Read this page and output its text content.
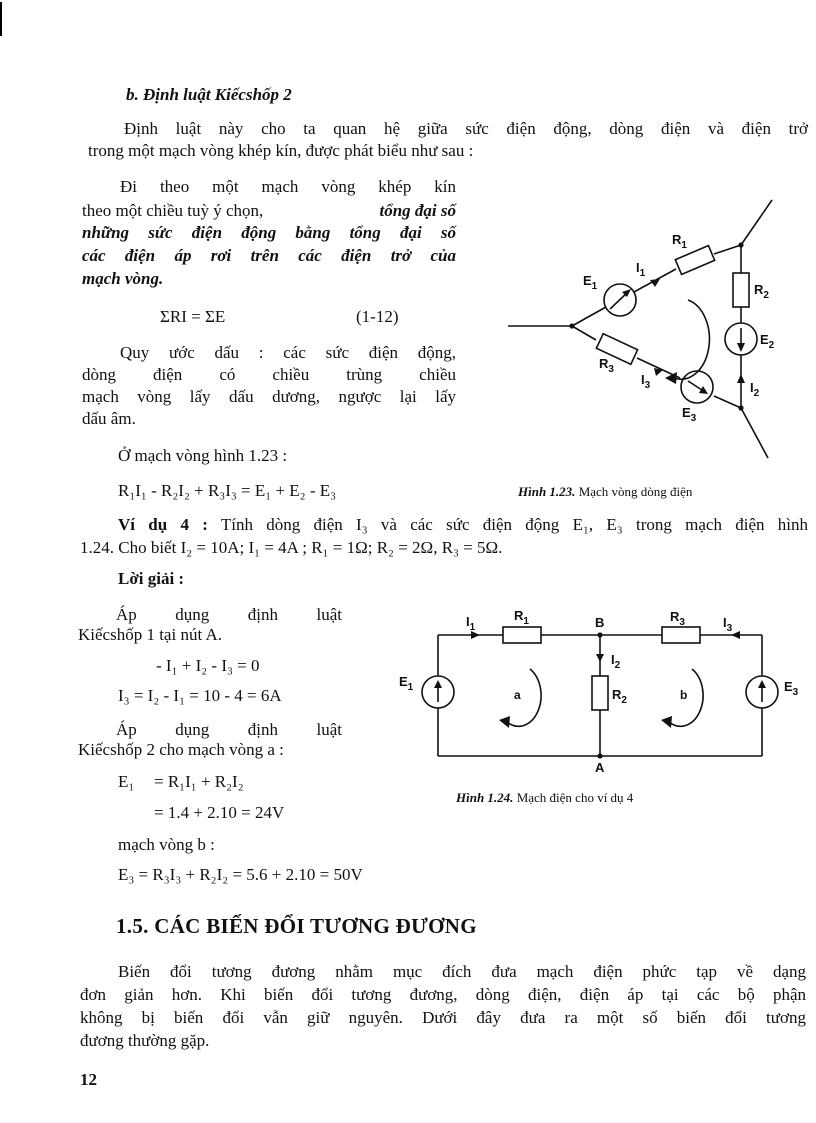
b. Định luật Kiếcshốp 2
Định luật này cho ta quan hệ giữa sức điện động, dòng điện và điện trở
trong một mạch vòng khép kín, được phát biểu như sau :
Đi theo một mạch vòng khép kín
theo một chiều tuỳ ý chọn,	tổng đại số
những sức điện động bằng tổng đại số
các điện áp rơi trên các điện trở của
mạch vòng.
ΣRI = ΣE	(1-12)
Quy ước dấu : các sức điện động,
dòng điện có chiều trùng chiều
mạch vòng lấy dấu dương, ngược lại lấy
dấu âm.
Ở mạch vòng hình 1.23 :
R₁I₁ - R₂I₂ + R₃I₃ = E₁ + E₂ - E₃
$E_1$
$I_1$
$R_1$
$R_2$
$E_2$
$R_3$
$I_3$	$I_2$
$E_3$
Hình 1.23. Mạch vòng dòng điện
Ví dụ 4 : Tính dòng điện I₃ và các sức điện động E₁, E₃ trong mạch điện hình
1.24. Cho biết I₂ = 10A; I₁ = 4A ; R₁ = 1Ω; R₂ = 2Ω, R₃ = 5Ω.
Lời giải :
Áp dụng định luật
Kiếcshốp 1 tại nút A.
- I₁ + I₂ - I₃ = 0
I₃ = I₂ - I₁ = 10 - 4 = 6A
Áp dụng định luật
Kiếcshốp 2 cho mạch vòng a :
E₁ = R₁I₁ + R₂I₂
= 1.4 + 2.10 = 24V
mạch vòng b :
E₃ = R₃I₃ + R₂I₂ = 5.6 + 2.10 = 50V
$I_1$
$R_1$	B	$R_3$	$I_3$
$I_2$
$E_1$
a	$R_2$	b
$E_3$
A
Hình 1.24. Mạch điện cho ví dụ 4
1.5. CÁC BIẾN ĐỔI TƯƠNG ĐƯƠNG
Biến đổi tương đương nhằm mục đích đưa mạch điện phức tạp về dạng
đơn giản hơn. Khi biến đổi tương đương, dòng điện, điện áp tại các bộ phận
không bị biến đổi vẫn giữ nguyên. Dưới đây đưa ra một số biến đổi tương
đương thường gặp.
12
